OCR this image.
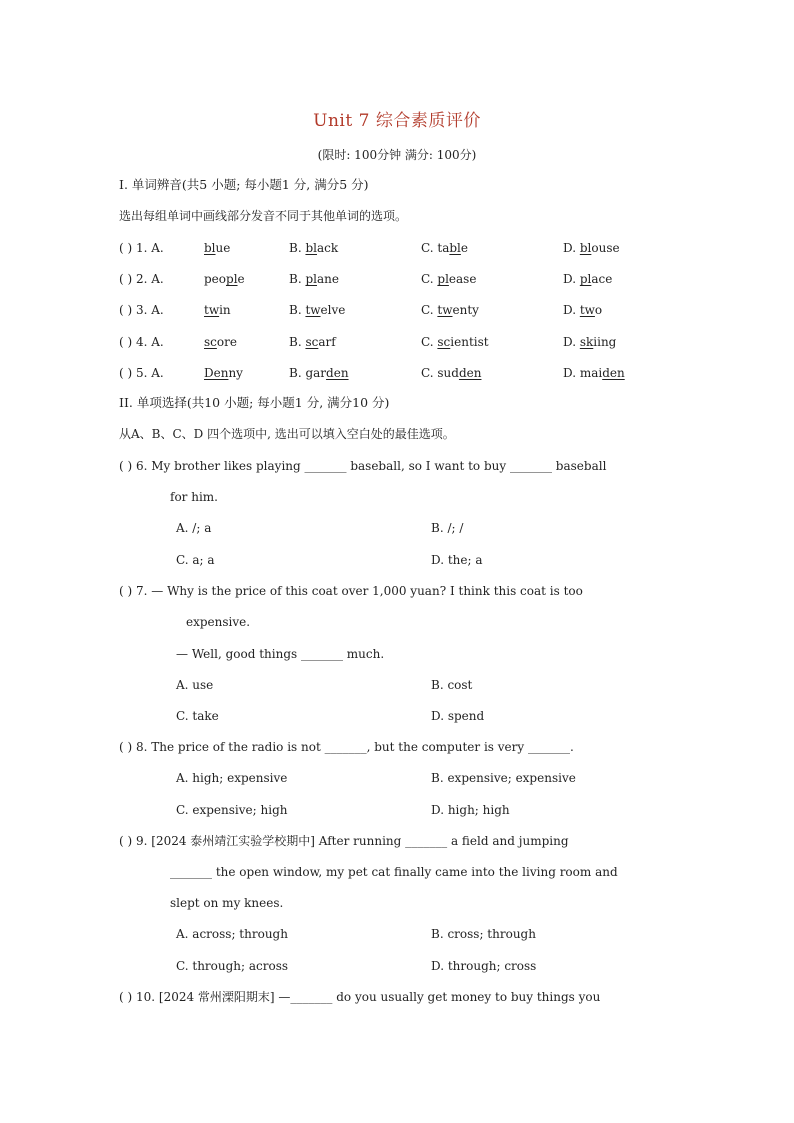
Unit 7 综合素质评价
(限时: 100分钟 满分: 100分)
I. 单词辨音(共5 小题; 每小题1 分, 满分5 分)
选出每组单词中画线部分发音不同于其他单词的选项。
( ) 1. A.	blue	B. black	C. table	D. blouse
( ) 2. A.	people	B. plane	C. please	D. place
( ) 3. A.	twin	B. twelve	C. twenty	D. two
( ) 4. A.	score	B. scarf	C. scientist	D. skiing
( ) 5. A.	Denny	B. garden	C. sudden	D. maiden
II. 单项选择(共10 小题; 每小题1 分, 满分10 分)
从A、B、C、D 四个选项中, 选出可以填入空白处的最佳选项。
( ) 6. My brother likes playing _______ baseball, so I want to buy _______ baseball
for him.
A. /; a	B. /; /
C. a; a	D. the; a
( ) 7. — Why is the price of this coat over 1,000 yuan? I think this coat is too
expensive.
— Well, good things _______ much.
A. use	B. cost
C. take	D. spend
( ) 8. The price of the radio is not _______, but the computer is very _______.
A. high; expensive	B. expensive; expensive
C. expensive; high	D. high; high
( ) 9. [2024 泰州靖江实验学校期中] After running _______ a field and jumping
_______ the open window, my pet cat finally came into the living room and
slept on my knees.
A. across; through	B. cross; through
C. through; across	D. through; cross
( ) 10. [2024 常州溧阳期末] —_______ do you usually get money to buy things you
